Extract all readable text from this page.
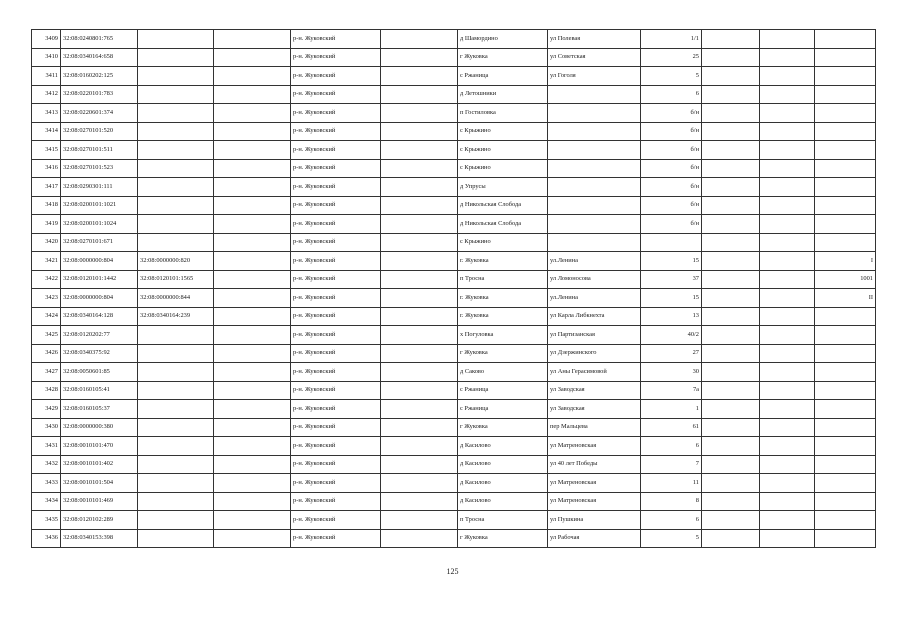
3409	32:08:0240801:765			р-н. Жуковский		д Шамордино	ул Полевая	1/1			
3410	32:08:0340164:658			р-н. Жуковский		г Жуковка	ул Советская	25			
3411	32:08:0160202:125			р-н. Жуковский		с Ржаница	ул Гоголя	5			
3412	32:08:0220101:783			р-н. Жуковский		д Летошники		6			
3413	32:08:0220601:374			р-н. Жуковский		п Гостиловка		б/н			
3414	32:08:0270101:520			р-н. Жуковский		с Крыжино		б/н			
3415	32:08:0270101:511			р-н. Жуковский		с Крыжино		б/н			
3416	32:08:0270101:523			р-н. Жуковский		с Крыжино		б/н			
3417	32:08:0290301:111			р-н. Жуковский		д Упрусы		б/н			
3418	32:08:0200101:1021			р-н. Жуковский		д Никольская Слобода		б/н			
3419	32:08:0200101:1024			р-н. Жуковский		д Никольская Слобода		б/н			
3420	32:08:0270101:671			р-н. Жуковский		с Крыжино					
3421	32:08:0000000:804	32:08:0000000:820		р-н. Жуковский		г. Жуковка	ул.Ленина	15			I
3422	32:08:0120101:1442	32:08:0120101:1565		р-н. Жуковский		п Тросна	ул Ломоносова	37			1001
3423	32:08:0000000:804	32:08:0000000:844		р-н. Жуковский		г. Жуковка	ул.Ленина	15			II
3424	32:08:0340164:128	32:08:0340164:239		р-н. Жуковский		г. Жуковка	ул Карла Либкнехта	13			
3425	32:08:0120202:77			р-н. Жуковский		х Погуловка	ул Партизанская	40/2			
3426	32:08:0340375:92			р-н. Жуковский		г Жуковка	ул Дзержинского	27			
3427	32:08:0050601:85			р-н. Жуковский		д Саково	ул Аны Герасимовой	30			
3428	32:08:0160105:41			р-н. Жуковский		с Ржаница	ул Заводская	7а			
3429	32:08:0160105:37			р-н. Жуковский		с Ржаница	ул Заводская	1			
3430	32:08:0000000:380			р-н. Жуковский		г Жуковка	пер Мальцева	61			
3431	32:08:0010101:470			р-н. Жуковский		д Касилово	ул Матреновская	6			
3432	32:08:0010101:402			р-н. Жуковский		д Касилово	ул 40 лет Победы	7			
3433	32:08:0010101:504			р-н. Жуковский		д Касилово	ул Матреновская	11			
3434	32:08:0010101:469			р-н. Жуковский		д Касилово	ул Матреновская	8			
3435	32:08:0120102:289			р-н. Жуковский		п Тросна	ул Пушкина	6			
3436	32:08:0340153:398			р-н. Жуковский		г Жуковка	ул Рабочая	5			
125
